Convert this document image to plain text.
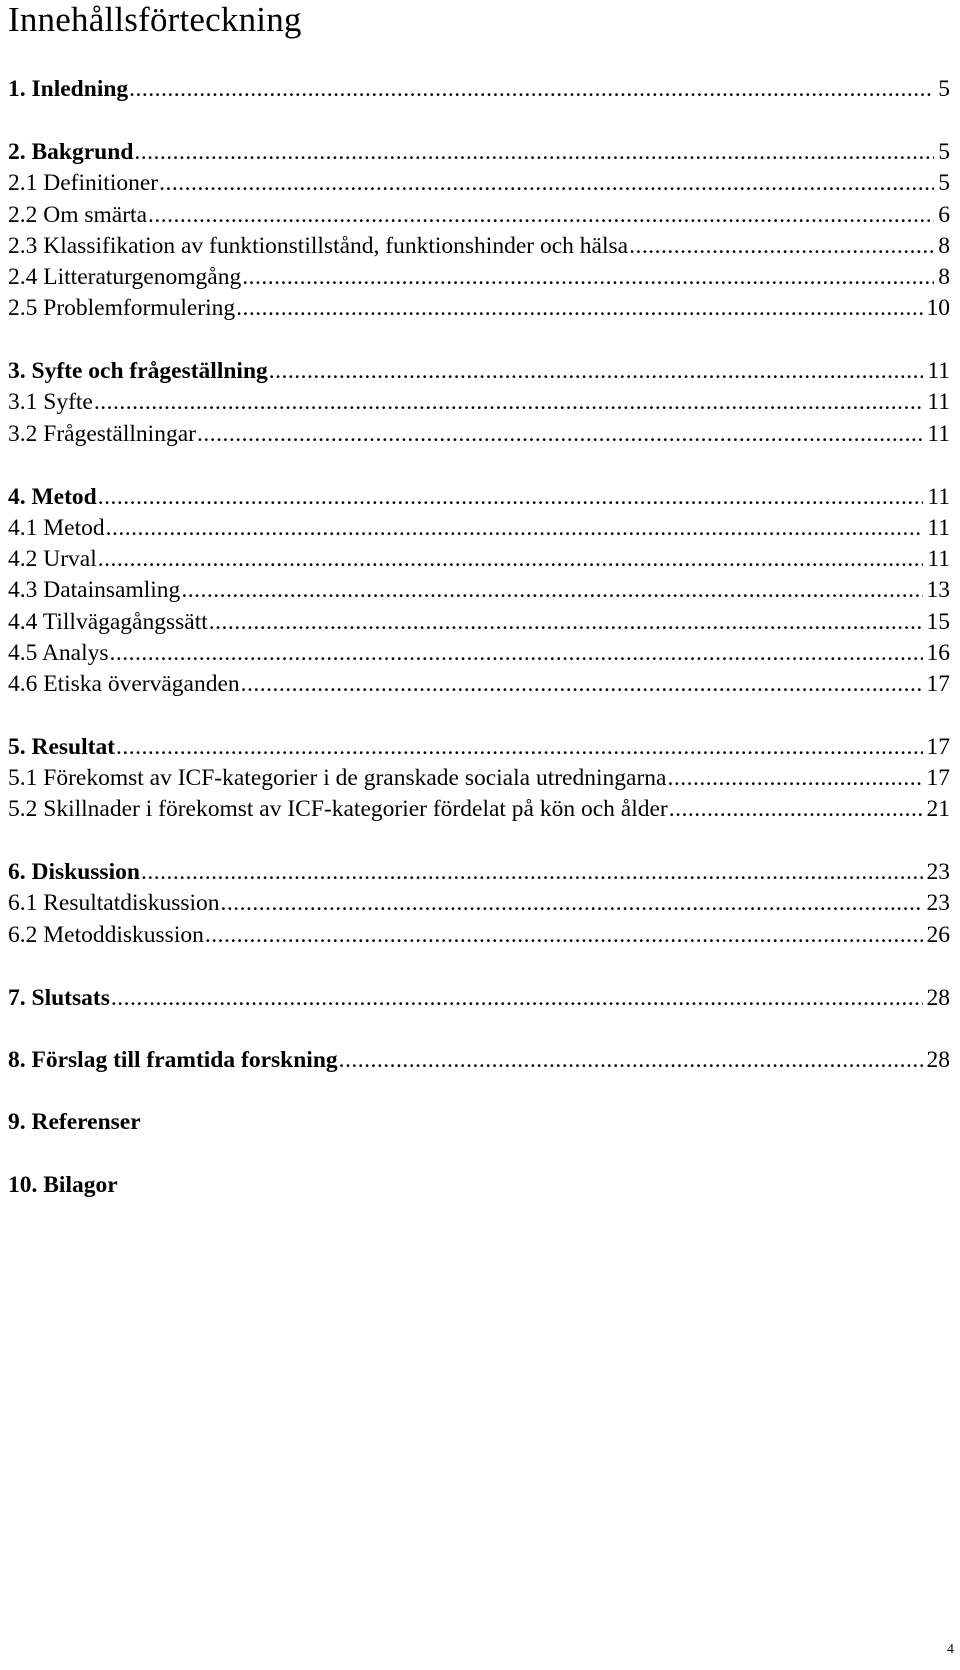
Innehållsförteckning
1. Inledning .....	5
2. Bakgrund .....	5
2.1 Definitioner .....	5
2.2 Om smärta .....	6
2.3 Klassifikation av funktionstillstånd, funktionshinder och hälsa .....	8
2.4 Litteraturgenomgång .....	8
2.5 Problemformulering .....	10
3. Syfte och frågeställning .....	11
3.1 Syfte .....	11
3.2 Frågeställningar .....	11
4. Metod .....	11
4.1 Metod .....	11
4.2 Urval .....	11
4.3 Datainsamling .....	13
4.4 Tillvägagångssätt .....	15
4.5 Analys .....	16
4.6 Etiska överväganden .....	17
5. Resultat .....	17
5.1 Förekomst av ICF-kategorier i de granskade sociala utredningarna .....	17
5.2 Skillnader i förekomst av ICF-kategorier fördelat på kön och ålder .....	21
6. Diskussion .....	23
6.1 Resultatdiskussion .....	23
6.2 Metoddiskussion .....	26
7. Slutsats .....	28
8. Förslag till framtida forskning .....	28
9. Referenser
10. Bilagor
4
